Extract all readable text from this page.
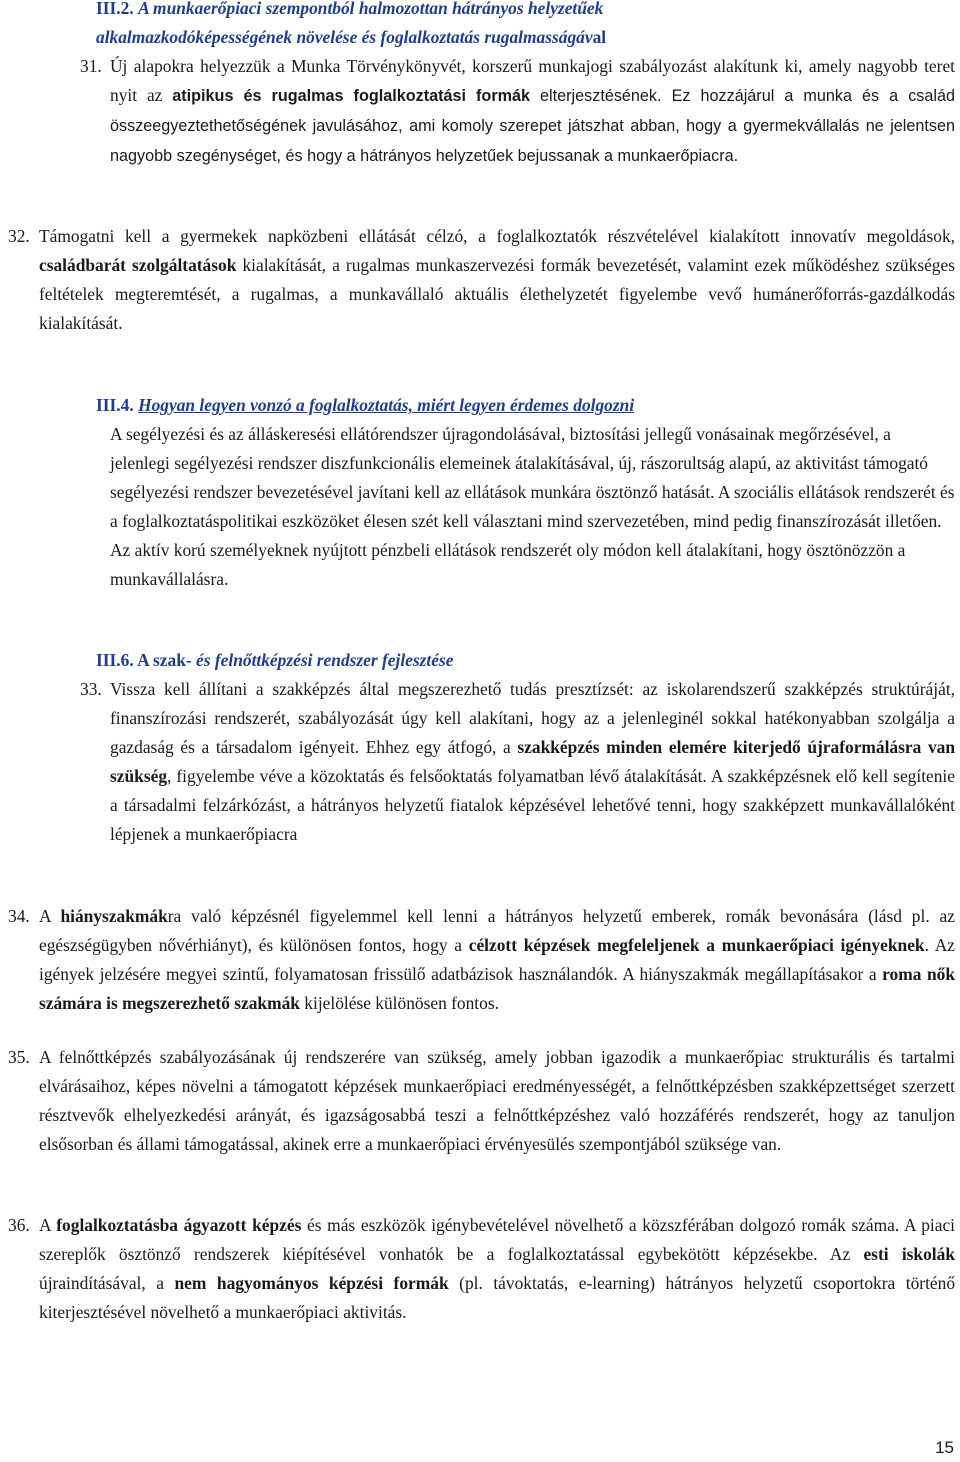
III.2. A munkaerőpiaci szempontból halmozottan hátrányos helyzetűek
alkalmazkodóképességének növelése és foglalkoztatás rugalmasságával
31. Új alapokra helyezzük a Munka Törvénykönyvét, korszerű munkajogi szabályozást alakítunk ki, amely nagyobb teret nyit az atipikus és rugalmas foglalkoztatási formák elterjesztésének. Ez hozzájárul a munka és a család összeegyeztethetőségének javulásához, ami komoly szerepet játszhat abban, hogy a gyermekvállalás ne jelentsen nagyobb szegénységet, és hogy a hátrányos helyzetűek bejussanak a munkaerőpiacra.
32. Támogatni kell a gyermekek napközbeni ellátását célzó, a foglalkoztatók részvételével kialakított innovatív megoldások, családbarát szolgáltatások kialakítását, a rugalmas munkaszervezési formák bevezetését, valamint ezek működéshez szükséges feltételek megteremtését, a rugalmas, a munkavállaló aktuális élethelyzetét figyelembe vevő humánerőforrás-gazdálkodás kialakítását.
III.4. Hogyan legyen vonzó a foglalkoztatás, miért legyen érdemes dolgozni
A segélyezési és az álláskeresési ellátórendszer újragondolásával, biztosítási jellegű vonásainak megőrzésével, a jelenlegi segélyezési rendszer diszfunkcionális elemeinek átalakításával, új, rászorultság alapú, az aktivitást támogató segélyezési rendszer bevezetésével javítani kell az ellátások munkára ösztönző hatását. A szociális ellátások rendszerét és a foglalkoztatáspolitikai eszközöket élesen szét kell választani mind szervezetében, mind pedig finanszírozását illetően. Az aktív korú személyeknek nyújtott pénzbeli ellátások rendszerét oly módon kell átalakítani, hogy ösztönözzön a munkavállalásra.
III.6. A szak- és felnőttképzési rendszer fejlesztése
33. Vissza kell állítani a szakképzés által megszerezhető tudás presztízsét: az iskolarendszerű szakképzés struktúráját, finanszírozási rendszerét, szabályozását úgy kell alakítani, hogy az a jelenleginél sokkal hatékonyabban szolgálja a gazdaság és a társadalom igényeit. Ehhez egy átfogó, a szakképzés minden elemére kiterjedő újraformálásra van szükség, figyelembe véve a közoktatás és felsőoktatás folyamatban lévő átalakítását. A szakképzésnek elő kell segítenie a társadalmi felzárkózást, a hátrányos helyzetű fiatalok képzésével lehetővé tenni, hogy szakképzett munkavállalóként lépjenek a munkaerőpiacra
34. A hiányszakmákra való képzésnél figyelemmel kell lenni a hátrányos helyzetű emberek, romák bevonására (lásd pl. az egészségügyben nővérhiányt), és különösen fontos, hogy a célzott képzések megfeleljenek a munkaerőpiaci igényeknek. Az igények jelzésére megyei szintű, folyamatosan frissülő adatbázisok használandók. A hiányszakmák megállapításakor a roma nők számára is megszerezhető szakmák kijelölése különösen fontos.
35. A felnőttképzés szabályozásának új rendszerére van szükség, amely jobban igazodik a munkaerőpiac strukturális és tartalmi elvárásaihoz, képes növelni a támogatott képzések munkaerőpiaci eredményességét, a felnőttképzésben szakképzettséget szerzett résztvevők elhelyezkedési arányát, és igazságosabbá teszi a felnőttképzéshez való hozzáférés rendszerét, hogy az tanuljon elsősorban és állami támogatással, akinek erre a munkaerőpiaci érvényesülés szempontjából szüksége van.
36. A foglalkoztatásba ágyazott képzés és más eszközök igénybevételével növelhető a közszférában dolgozó romák száma. A piaci szereplők ösztönző rendszerek kiépítésével vonhatók be a foglalkoztatással egybekötött képzésekbe. Az esti iskolák újraindításával, a nem hagyományos képzési formák (pl. távoktatás, e-learning) hátrányos helyzetű csoportokra történő kiterjesztésével növelhető a munkaerőpiaci aktivitás.
15
